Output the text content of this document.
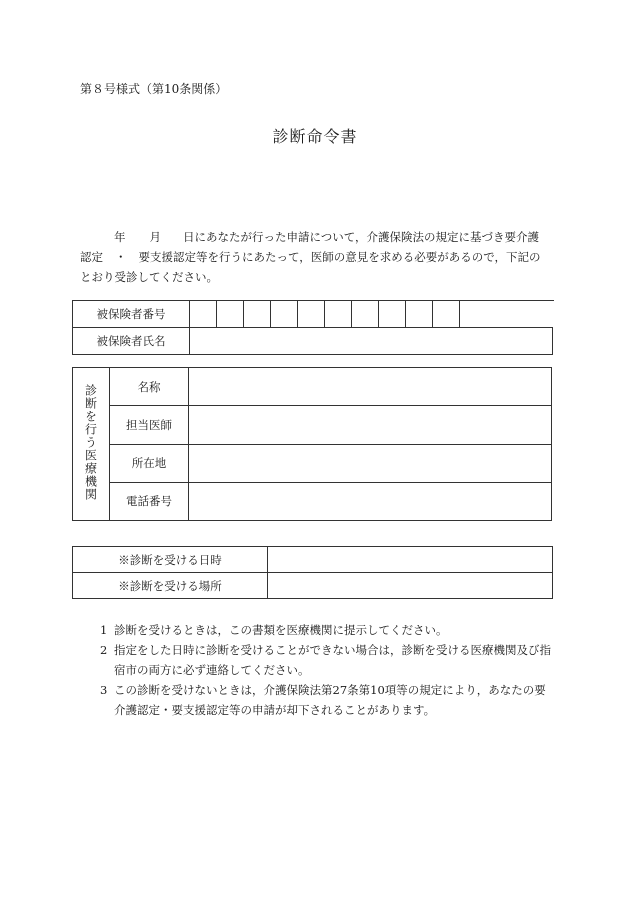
第８号様式（第10条関係）
診断命令書
年 月 日にあなたが行った申請について，介護保険法の規定に基づき要介護
認定 ・ 要支援認定等を行うにあたって，医師の意見を求める必要があるので，下記の
とおり受診してください。
被保険者番号											
被保険者氏名	
診断を行う医療機関	名称	
	担当医師	
	所在地	
	電話番号	
※診断を受ける日時	
※診断を受ける場所	
1 診断を受けるときは，この書類を医療機関に提示してください。
2 指定をした日時に診断を受けることができない場合は，診断を受ける医療機関及び指宿市の両方に必ず連絡してください。
3 この診断を受けないときは，介護保険法第27条第10項等の規定により，あなたの要介護認定・要支援認定等の申請が却下されることがあります。
